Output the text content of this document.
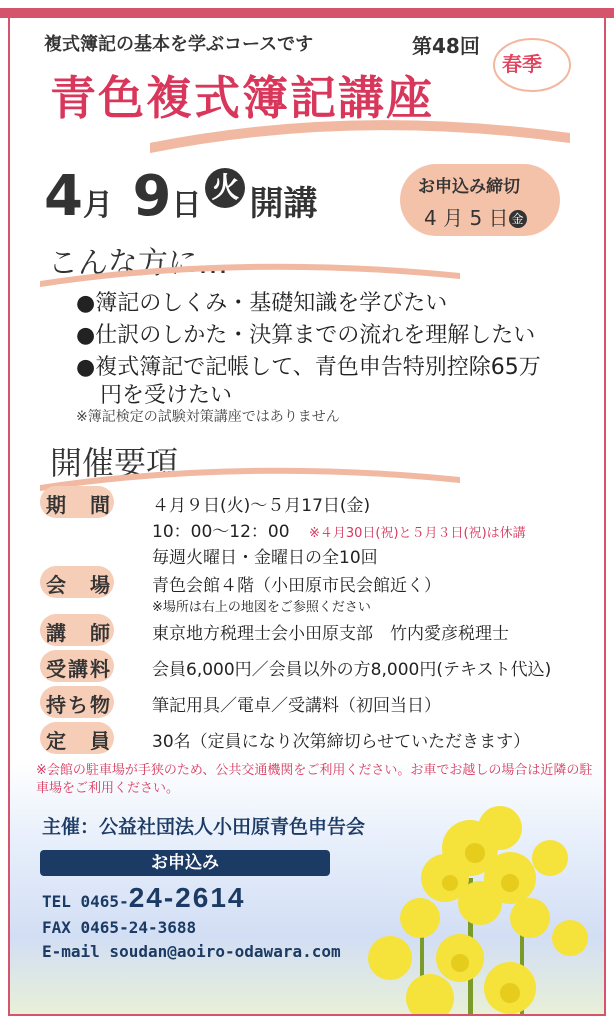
複式簿記の基本を学ぶコースです	第48回
春季
青色複式簿記講座
4月 9日火 開講	お申込み締切
4 月 5 日 金
こんな方に…
●簿記のしくみ・基礎知識を学びたい
●仕訳のしかた・決算までの流れを理解したい
●複式簿記で記帳して、青色申告特別控除65万
円を受けたい
※簿記検定の試験対策講座ではありません
開催要項
期　間	４月９日(火)～５月17日(金)
10：00～12：00 ※４月30日(祝)と５月３日(祝)は休講
毎週火曜日・金曜日の全10回
会　場	青色会館４階（小田原市民会館近く）
※場所は右上の地図をご参照ください
講　師	東京地方税理士会小田原支部　竹内愛彦税理士
受講料	会員6,000円／会員以外の方8,000円(テキスト代込)
持ち物	筆記用具／電卓／受講料（初回当日）
定　員	30名（定員になり次第締切らせていただきます）
※会館の駐車場が手狭のため、公共交通機関をご利用ください。お車でお越しの場合は近隣の駐車場をご利用ください。
主催：公益社団法人小田原青色申告会
お申込み
TEL 0465-24-2614
FAX 0465-24-3688
E-mail soudan@aoiro-odawara.com
